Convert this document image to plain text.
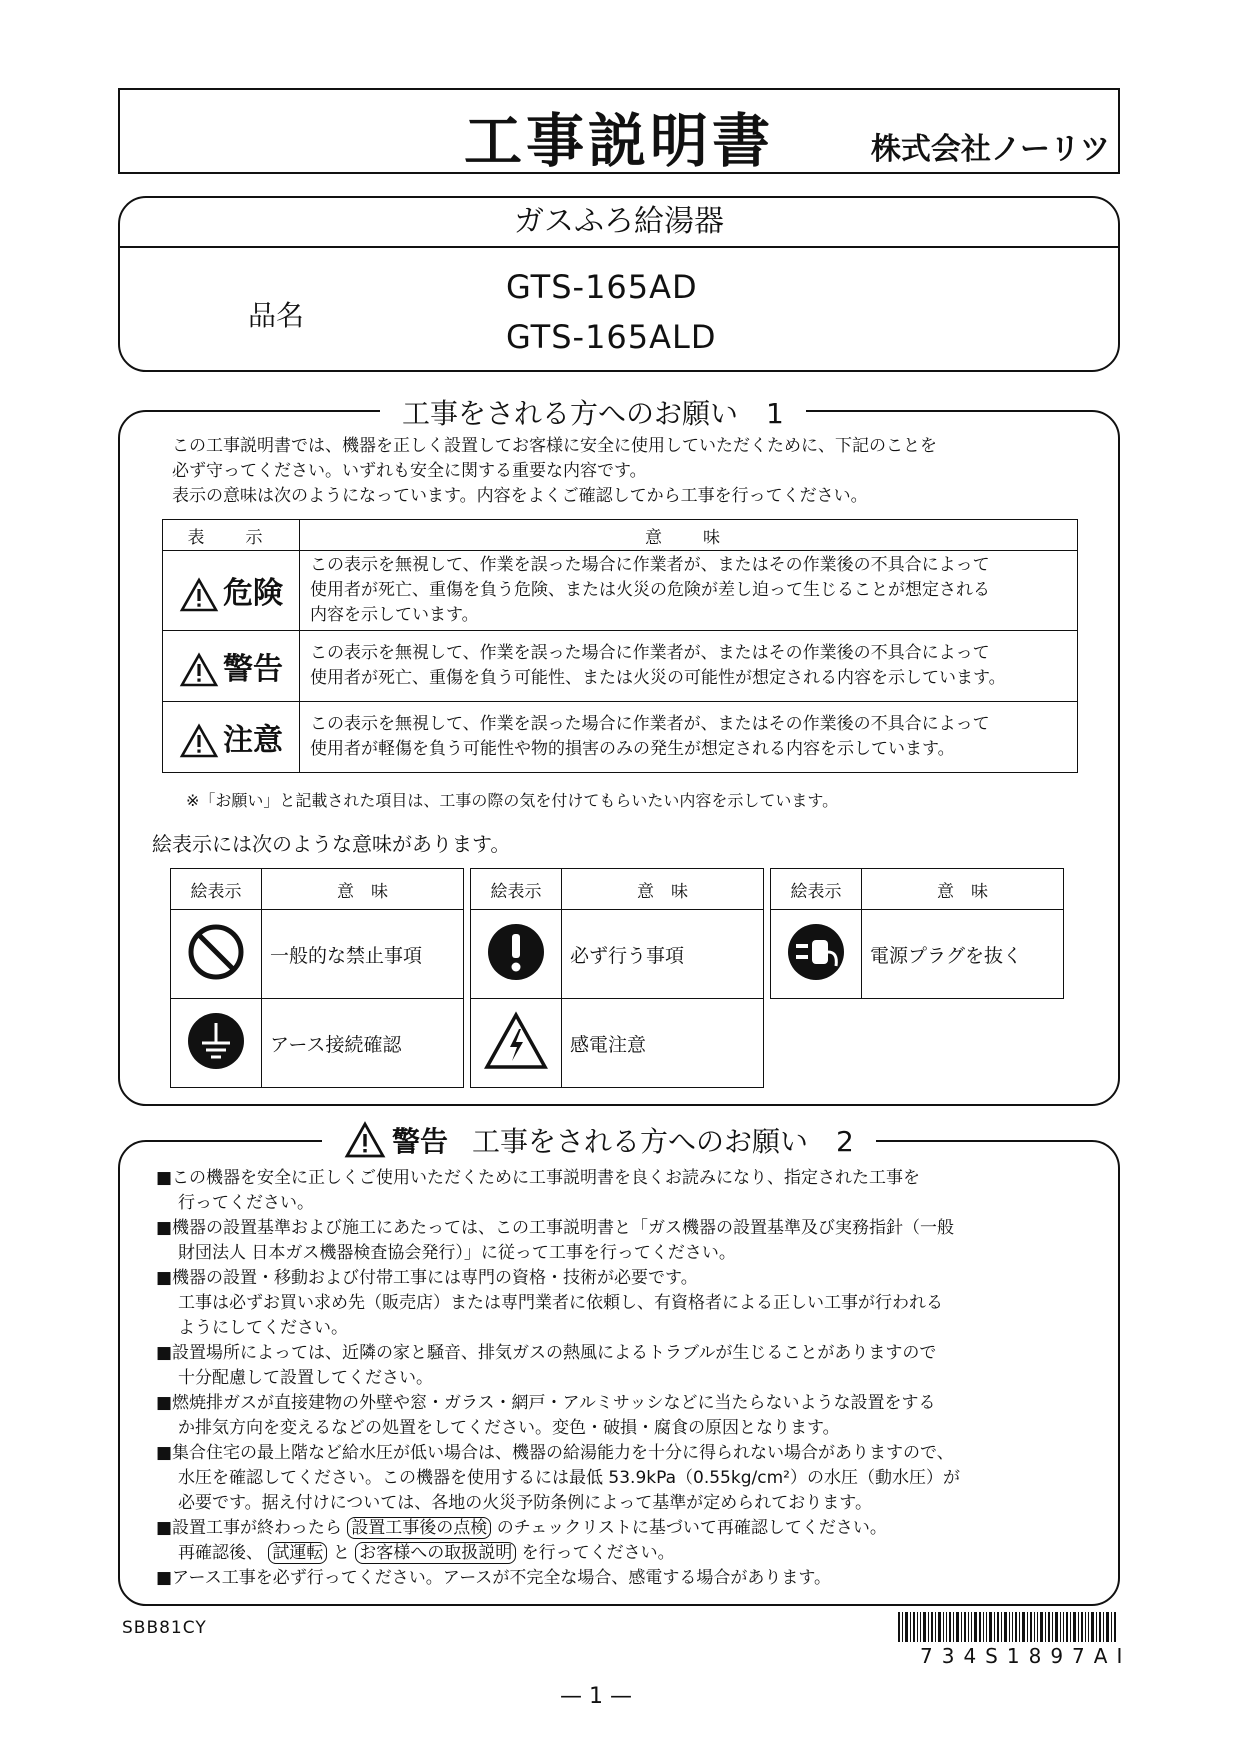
工事説明書	株式会社ノーリツ
ガスふろ給湯器
品名
GTS-165AD
GTS-165ALD
工事をされる方へのお願い　1
この工事説明書では、機器を正しく設置してお客様に安全に使用していただくために、下記のことを
必ず守ってください。いずれも安全に関する重要な内容です。
表示の意味は次のようになっています。内容をよくご確認してから工事を行ってください。
表　示	意　味
危険	この表示を無視して、作業を誤った場合に作業者が、またはその作業後の不具合によって
使用者が死亡、重傷を負う危険、または火災の危険が差し迫って生じることが想定される
内容を示しています。

警告	この表示を無視して、作業を誤った場合に作業者が、またはその作業後の不具合によって
使用者が死亡、重傷を負う可能性、または火災の可能性が想定される内容を示しています。

注意	この表示を無視して、作業を誤った場合に作業者が、またはその作業後の不具合によって
使用者が軽傷を負う可能性や物的損害のみの発生が想定される内容を示しています。
※「お願い」と記載された項目は、工事の際の気を付けてもらいたい内容を示しています。
絵表示には次のような意味があります。
絵表示	意　味
	一般的な禁止事項
	アース接続確認
絵表示	意　味
	必ず行う事項
	感電注意
絵表示	意　味
	電源プラグを抜く
警告 工事をされる方へのお願い　2
■この機器を安全に正しくご使用いただくために工事説明書を良くお読みになり、指定された工事を
行ってください。
■機器の設置基準および施工にあたっては、この工事説明書と「ガス機器の設置基準及び実務指針（一般
財団法人 日本ガス機器検査協会発行）」に従って工事を行ってください。
■機器の設置・移動および付帯工事には専門の資格・技術が必要です。
工事は必ずお買い求め先（販売店）または専門業者に依頼し、有資格者による正しい工事が行われる
ようにしてください。
■設置場所によっては、近隣の家と騒音、排気ガスの熱風によるトラブルが生じることがありますので
十分配慮して設置してください。
■燃焼排ガスが直接建物の外壁や窓・ガラス・網戸・アルミサッシなどに当たらないような設置をする
か排気方向を変えるなどの処置をしてください。変色・破損・腐食の原因となります。
■集合住宅の最上階など給水圧が低い場合は、機器の給湯能力を十分に得られない場合がありますので、
水圧を確認してください。この機器を使用するには最低 53.9kPa（0.55kg/cm²）の水圧（動水圧）が
必要です。据え付けについては、各地の火災予防条例によって基準が定められております。
■設置工事が終わったら 設置工事後の点検 のチェックリストに基づいて再確認してください。
再確認後、 試運転 と お客様への取扱説明 を行ってください。
■アース工事を必ず行ってください。アースが不完全な場合、感電する場合があります。
SBB81CY
734S1897AI
— 1 —
